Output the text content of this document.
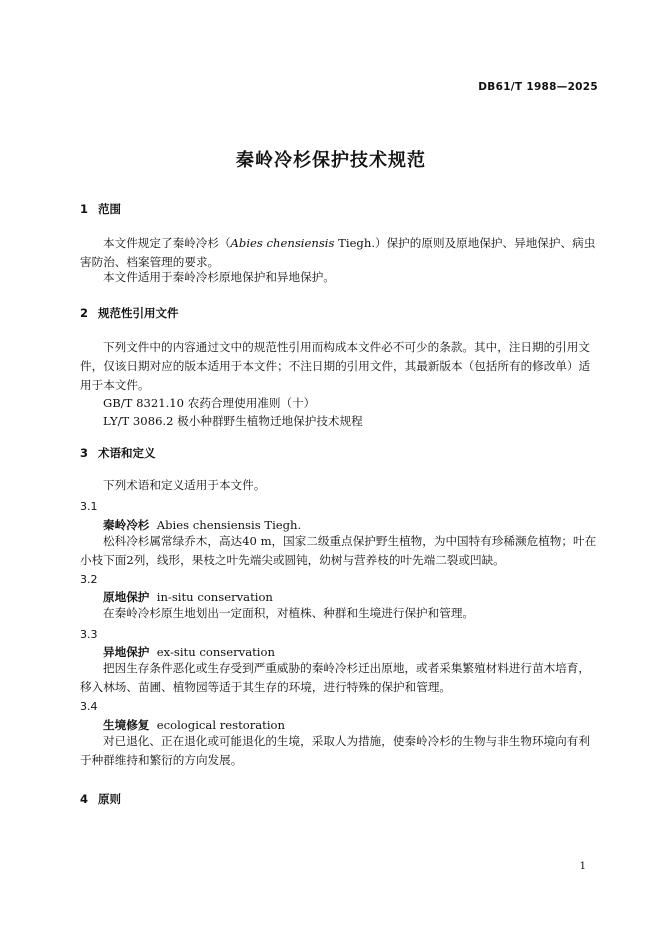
DB61/T 1988—2025
秦岭冷杉保护技术规范
1 范围
本文件规定了秦岭冷杉（Abies chensiensis Tiegh.）保护的原则及原地保护、异地保护、病虫害防治、档案管理的要求。
本文件适用于秦岭冷杉原地保护和异地保护。
2 规范性引用文件
下列文件中的内容通过文中的规范性引用而构成本文件必不可少的条款。其中，注日期的引用文件，仅该日期对应的版本适用于本文件；不注日期的引用文件，其最新版本（包括所有的修改单）适用于本文件。
GB/T 8321.10 农药合理使用准则（十）
LY/T 3086.2 极小种群野生植物迁地保护技术规程
3 术语和定义
下列术语和定义适用于本文件。
3.1
秦岭冷杉 Abies chensiensis Tiegh.
松科冷杉属常绿乔木，高达40 m，国家二级重点保护野生植物，为中国特有珍稀濒危植物；叶在小枝下面2列，线形，果枝之叶先端尖或圆钝，幼树与营养枝的叶先端二裂或凹缺。
3.2
原地保护 in-situ conservation
在秦岭冷杉原生地划出一定面积，对植株、种群和生境进行保护和管理。
3.3
异地保护 ex-situ conservation
把因生存条件恶化或生存受到严重威胁的秦岭冷杉迁出原地，或者采集繁殖材料进行苗木培育，移入林场、苗圃、植物园等适于其生存的环境，进行特殊的保护和管理。
3.4
生境修复 ecological restoration
对已退化、正在退化或可能退化的生境，采取人为措施，使秦岭冷杉的生物与非生物环境向有利于种群维持和繁衍的方向发展。
4 原则
1
